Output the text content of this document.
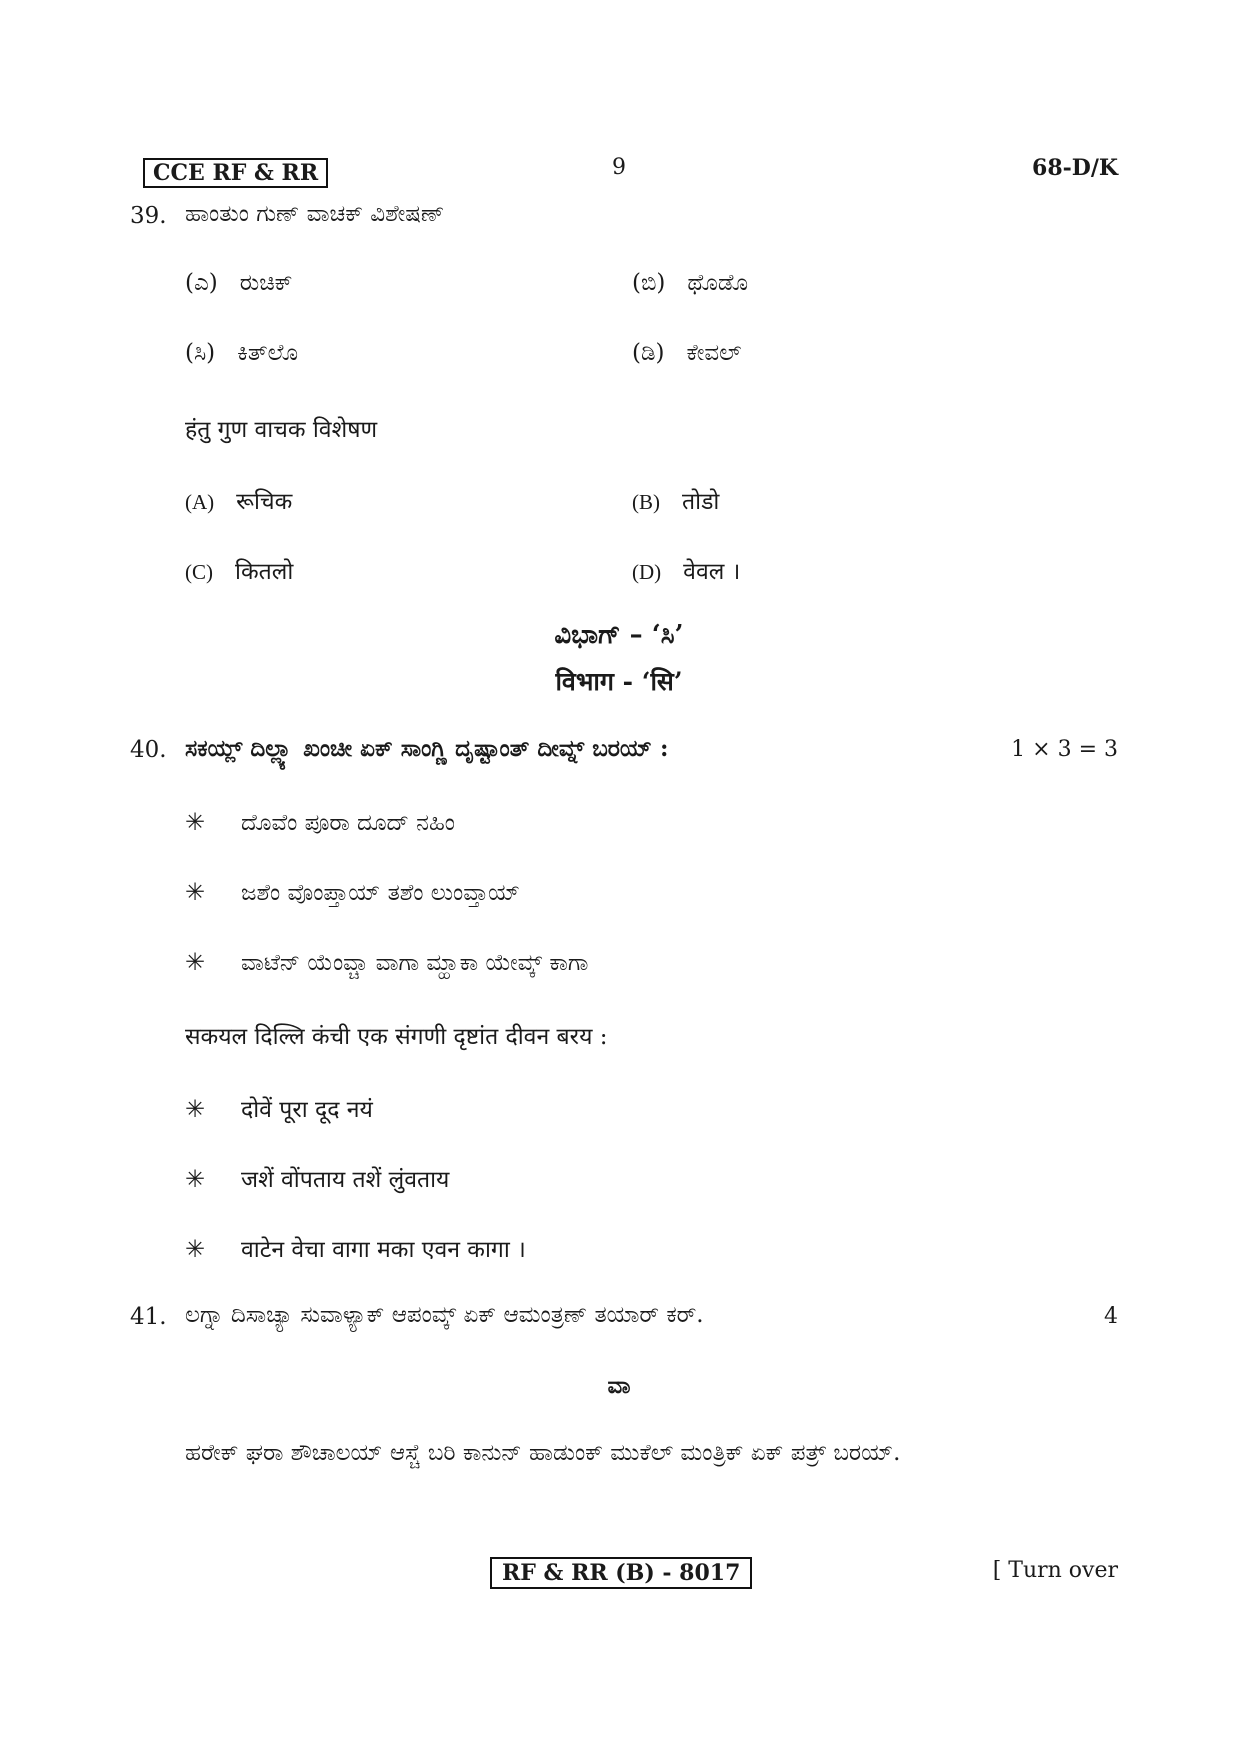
CCE RF & RR	9	68-D/K
39. ಹಾಂತುಂ ಗುಣ್ ವಾಚಕ್ ವಿಶೇಷಣ್
(ಎ) ರುಚಿಕ್	(ಬಿ) ಥೊಡೊ
(ಸಿ) ಕಿತ್‌ಲೊ	(ಡಿ) ಕೇವಲ್
हंतु गुण वाचक विशेषण
(A) रूचिक	(B) तोडो
(C) कितलो	(D) वेवल ।
ವಿಭಾಗ್ – ‘ಸಿ’
विभाग - ‘सि’
40. ಸಕಯ್ಲ್ ದಿಲ್ಲ್ಯಾ ಖಂಚೀ ಏಕ್ ಸಾಂಗ್ಣಿ ದೃಷ್ಟಾಂತ್ ದೀವ್ನ್ ಬರಯ್ :	1 × 3 = 3
✳	ದೊವೆಂ ಪೂರಾ ದೂದ್ ನಹಿಂ
✳	ಜಶೆಂ ವೊಂಪ್ತಾಯ್ ತಶೆಂ ಲುಂವ್ತಾಯ್
✳	ವಾಟೆನ್ ಯೆಂವ್ಚಾ ವಾಗಾ ಮ್ಹಾಕಾ ಯೇವ್ಕ್ ಕಾಗಾ
सकयल दिल्लि कंची एक संगणी दृष्टांत दीवन बरय :
✳	दोवें पूरा दूद नयं
✳	जशें वोंपताय तशें लुंवताय
✳	वाटेन वेचा वागा मका एवन कागा ।
41. ಲಗ್ನಾ ದಿಸಾಚ್ಯಾ ಸುವಾಳ್ಯಾಕ್ ಆಪಂವ್ಕ್ ಏಕ್ ಆಮಂತ್ರಣ್ ತಯಾರ್ ಕರ್.	4
ವಾ
ಹರೇಕ್ ಘರಾ ಶೌಚಾಲಯ್ ಆಸ್ಚೆ ಬರಿ ಕಾನುನ್ ಹಾಡುಂಕ್ ಮುಕೆಲ್ ಮಂತ್ರಿಕ್ ಏಕ್ ಪತ್ರ್ ಬರಯ್.
RF & RR (B) - 8017	[ Turn over
